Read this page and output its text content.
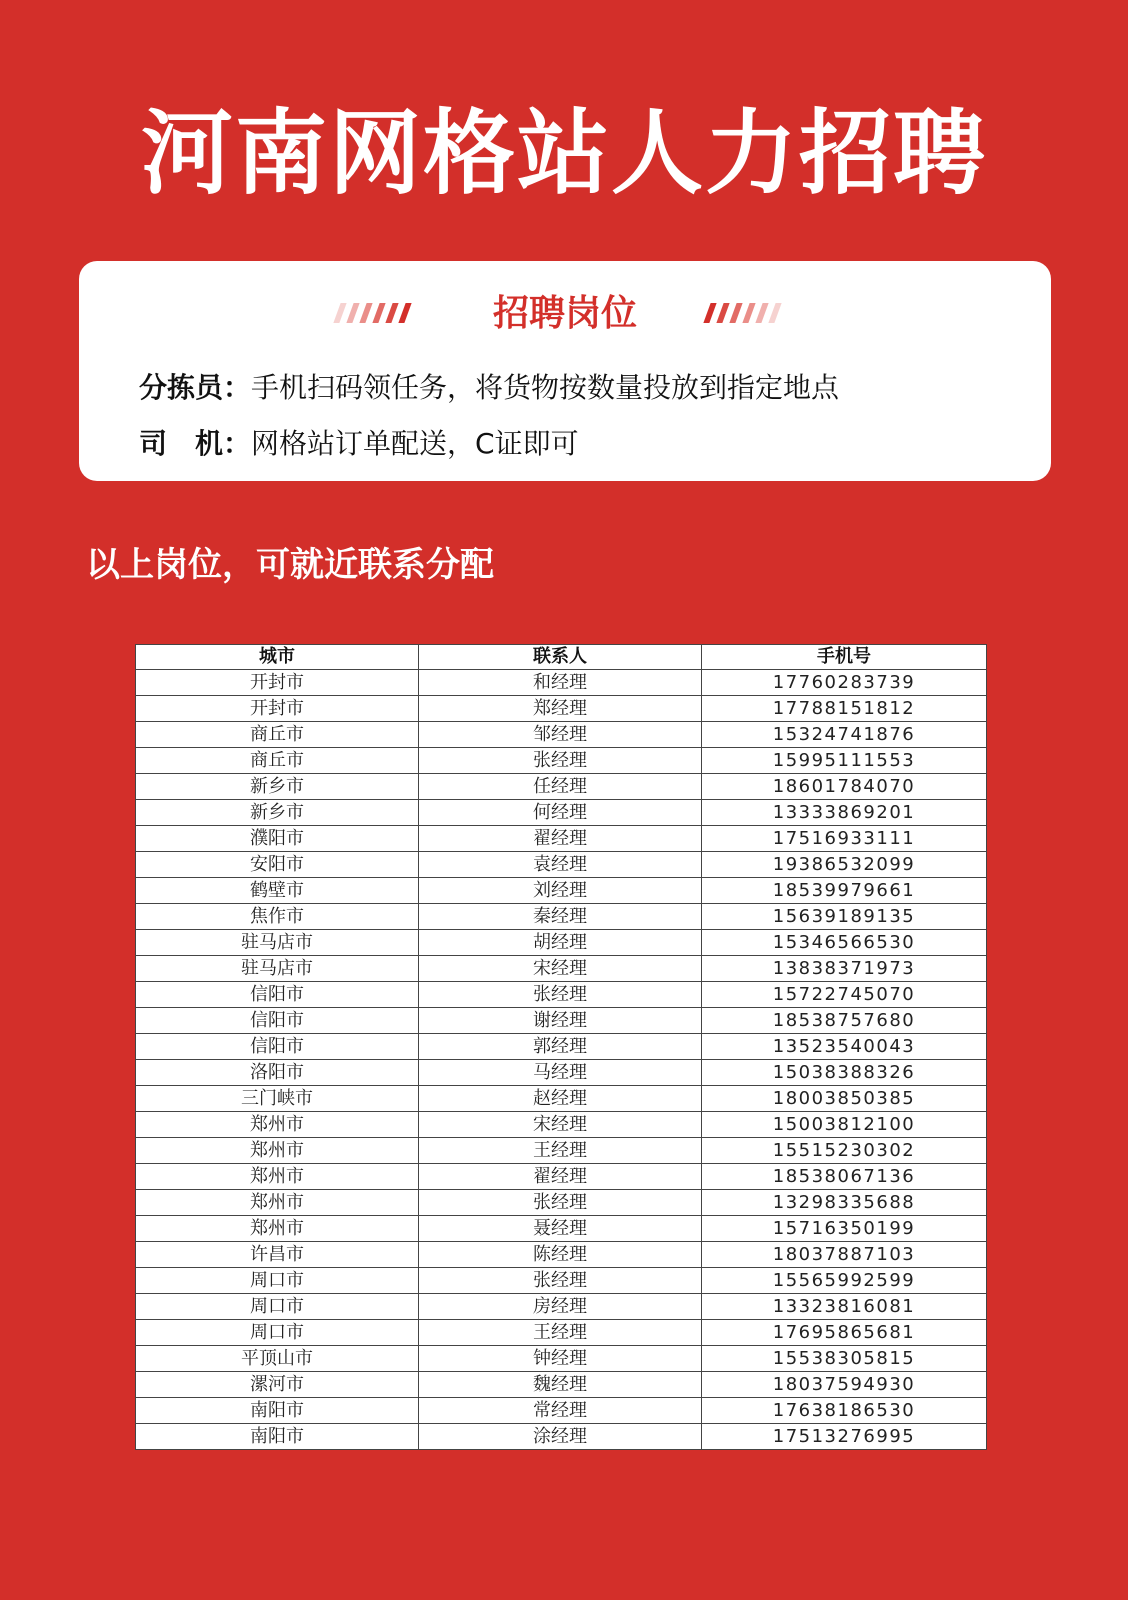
河南网格站人力招聘
招聘岗位
分拣员：手机扫码领任务，将货物按数量投放到指定地点
司　机：网格站订单配送，C证即可
以上岗位，可就近联系分配
城市	联系人	手机号
开封市	和经理	17760283739
开封市	郑经理	17788151812
商丘市	邹经理	15324741876
商丘市	张经理	15995111553
新乡市	任经理	18601784070
新乡市	何经理	13333869201
濮阳市	翟经理	17516933111
安阳市	袁经理	19386532099
鹤壁市	刘经理	18539979661
焦作市	秦经理	15639189135
驻马店市	胡经理	15346566530
驻马店市	宋经理	13838371973
信阳市	张经理	15722745070
信阳市	谢经理	18538757680
信阳市	郭经理	13523540043
洛阳市	马经理	15038388326
三门峡市	赵经理	18003850385
郑州市	宋经理	15003812100
郑州市	王经理	15515230302
郑州市	翟经理	18538067136
郑州市	张经理	13298335688
郑州市	聂经理	15716350199
许昌市	陈经理	18037887103
周口市	张经理	15565992599
周口市	房经理	13323816081
周口市	王经理	17695865681
平顶山市	钟经理	15538305815
漯河市	魏经理	18037594930
南阳市	常经理	17638186530
南阳市	涂经理	17513276995
